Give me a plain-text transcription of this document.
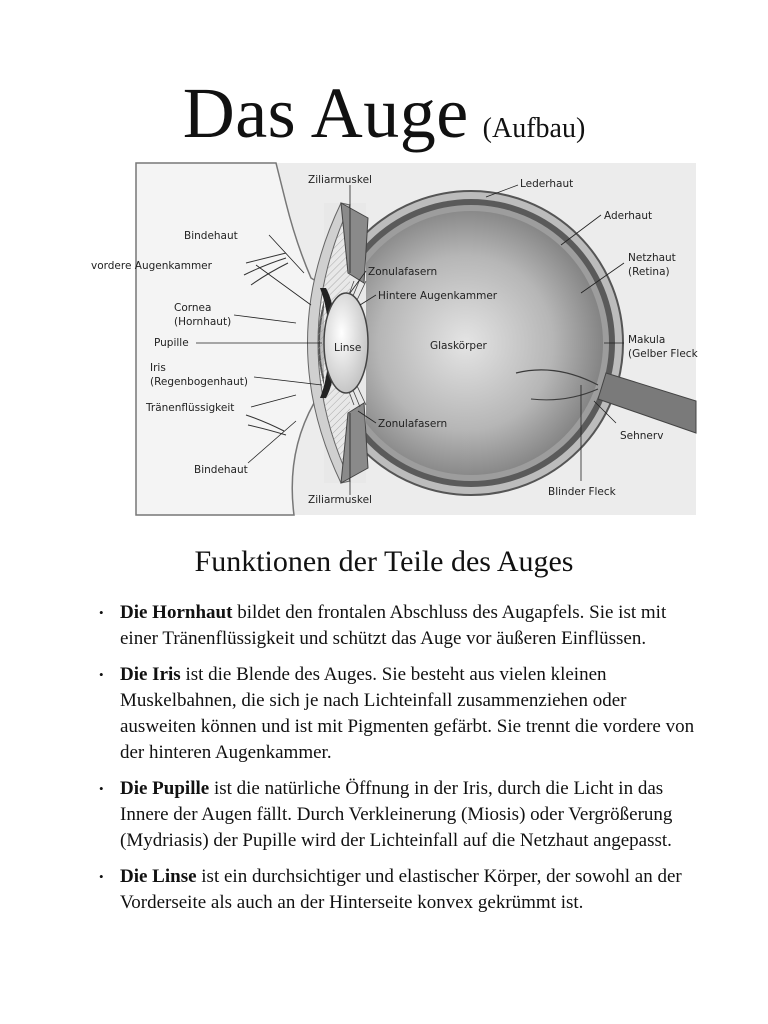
Das Auge (Aufbau)
Ziliarmuskel	Lederhaut
Aderhaut
Netzhaut
(Retina)
Bindehaut
vordere Augenkammer	Zonulafasern
Hintere Augenkammer
Cornea
(Hornhaut)
Pupille	Linse	Glaskörper	Makula
(Gelber Fleck
Iris
(Regenbogenhaut)
Tränenflüssigkeit
Zonulafasern
Sehnerv
Bindehaut
Blinder Fleck
Ziliarmuskel
Funktionen der Teile des Auges
• Die Hornhaut bildet den frontalen Abschluss des Augapfels. Sie ist mit einer Tränenflüssigkeit und schützt das Auge vor äußeren Einflüssen.
• Die Iris ist die Blende des Auges. Sie besteht aus vielen kleinen Muskelbahnen, die sich je nach Lichteinfall zusammenziehen oder ausweiten können und ist mit Pigmenten gefärbt. Sie trennt die vordere von der hinteren Augenkammer.
• Die Pupille ist die natürliche Öffnung in der Iris, durch die Licht in das Innere der Augen fällt. Durch Verkleinerung (Miosis) oder Vergrößerung (Mydriasis) der Pupille wird der Lichteinfall auf die Netzhaut angepasst.
• Die Linse ist ein durchsichtiger und elastischer Körper, der sowohl an der Vorderseite als auch an der Hinterseite konvex gekrümmt ist.
